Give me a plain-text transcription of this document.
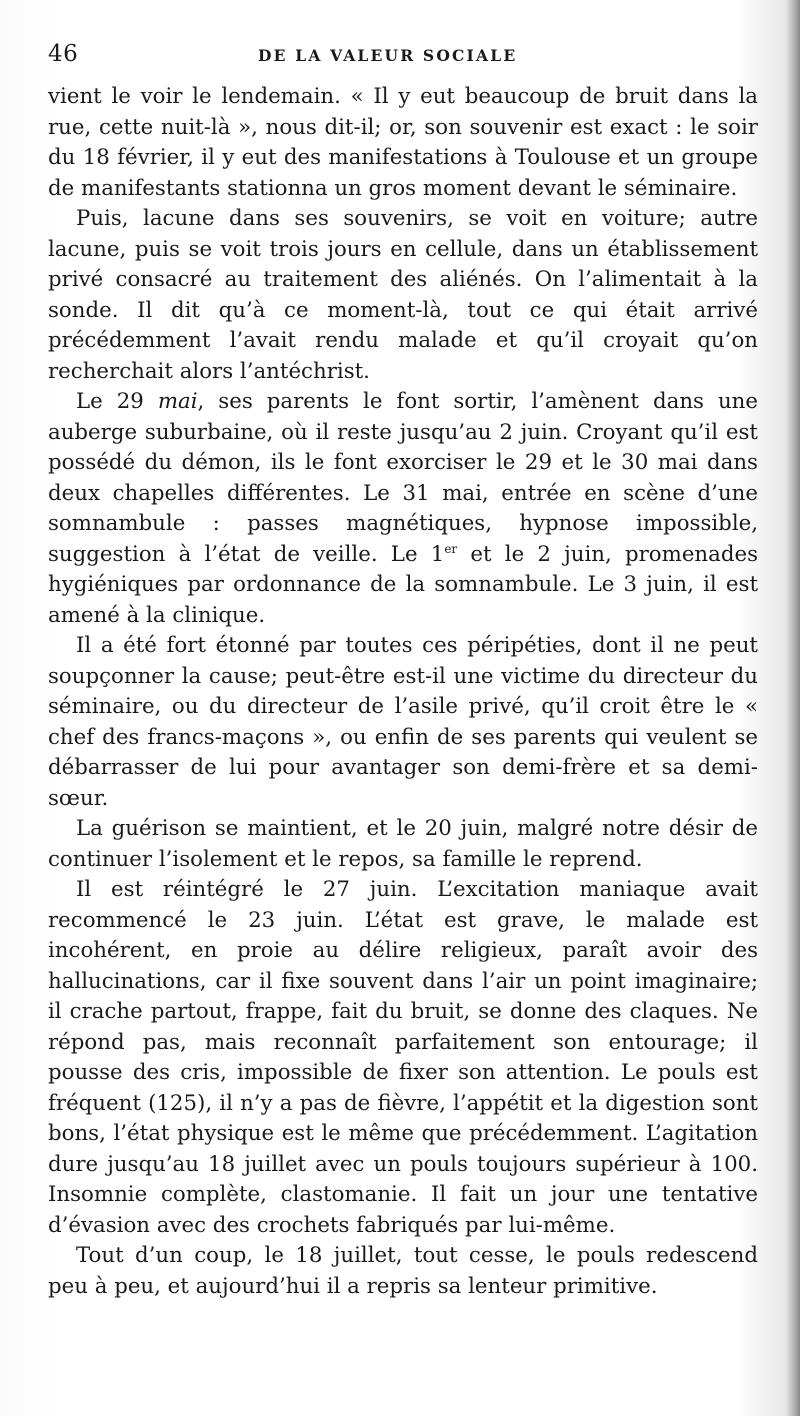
46	DE LA VALEUR SOCIALE

vient le voir le lendemain. « Il y eut beaucoup de bruit dans la rue, cette nuit-là », nous dit-il; or, son souvenir est exact : le soir du 18 février, il y eut des manifestations à Toulouse et un groupe de manifestants stationna un gros moment devant le séminaire.

Puis, lacune dans ses souvenirs, se voit en voiture; autre lacune, puis se voit trois jours en cellule, dans un établissement privé consacré au traitement des aliénés. On l’alimentait à la sonde. Il dit qu’à ce moment-là, tout ce qui était arrivé précédemment l’avait rendu malade et qu’il croyait qu’on recherchait alors l’antéchrist.

Le 29 mai, ses parents le font sortir, l’amènent dans une auberge suburbaine, où il reste jusqu’au 2 juin. Croyant qu’il est possédé du démon, ils le font exorciser le 29 et le 30 mai dans deux chapelles différentes. Le 31 mai, entrée en scène d’une somnambule : passes magnétiques, hypnose impossible, suggestion à l’état de veille. Le 1er et le 2 juin, promenades hygiéniques par ordonnance de la somnambule. Le 3 juin, il est amené à la clinique.

Il a été fort étonné par toutes ces péripéties, dont il ne peut soupçonner la cause; peut-être est-il une victime du directeur du séminaire, ou du directeur de l’asile privé, qu’il croit être le « chef des francs-maçons », ou enfin de ses parents qui veulent se débarrasser de lui pour avantager son demi-frère et sa demi-sœur.

La guérison se maintient, et le 20 juin, malgré notre désir de continuer l’isolement et le repos, sa famille le reprend.

Il est réintégré le 27 juin. L’excitation maniaque avait recommencé le 23 juin. L’état est grave, le malade est incohérent, en proie au délire religieux, paraît avoir des hallucinations, car il fixe souvent dans l’air un point imaginaire; il crache partout, frappe, fait du bruit, se donne des claques. Ne répond pas, mais reconnaît parfaitement son entourage; il pousse des cris, impossible de fixer son attention. Le pouls est fréquent (125), il n’y a pas de fièvre, l’appétit et la digestion sont bons, l’état physique est le même que précédemment. L’agitation dure jusqu’au 18 juillet avec un pouls toujours supérieur à 100. Insomnie complète, clastomanie. Il fait un jour une tentative d’évasion avec des crochets fabriqués par lui-même.

Tout d’un coup, le 18 juillet, tout cesse, le pouls redescend peu à peu, et aujourd’hui il a repris sa lenteur primitive.
